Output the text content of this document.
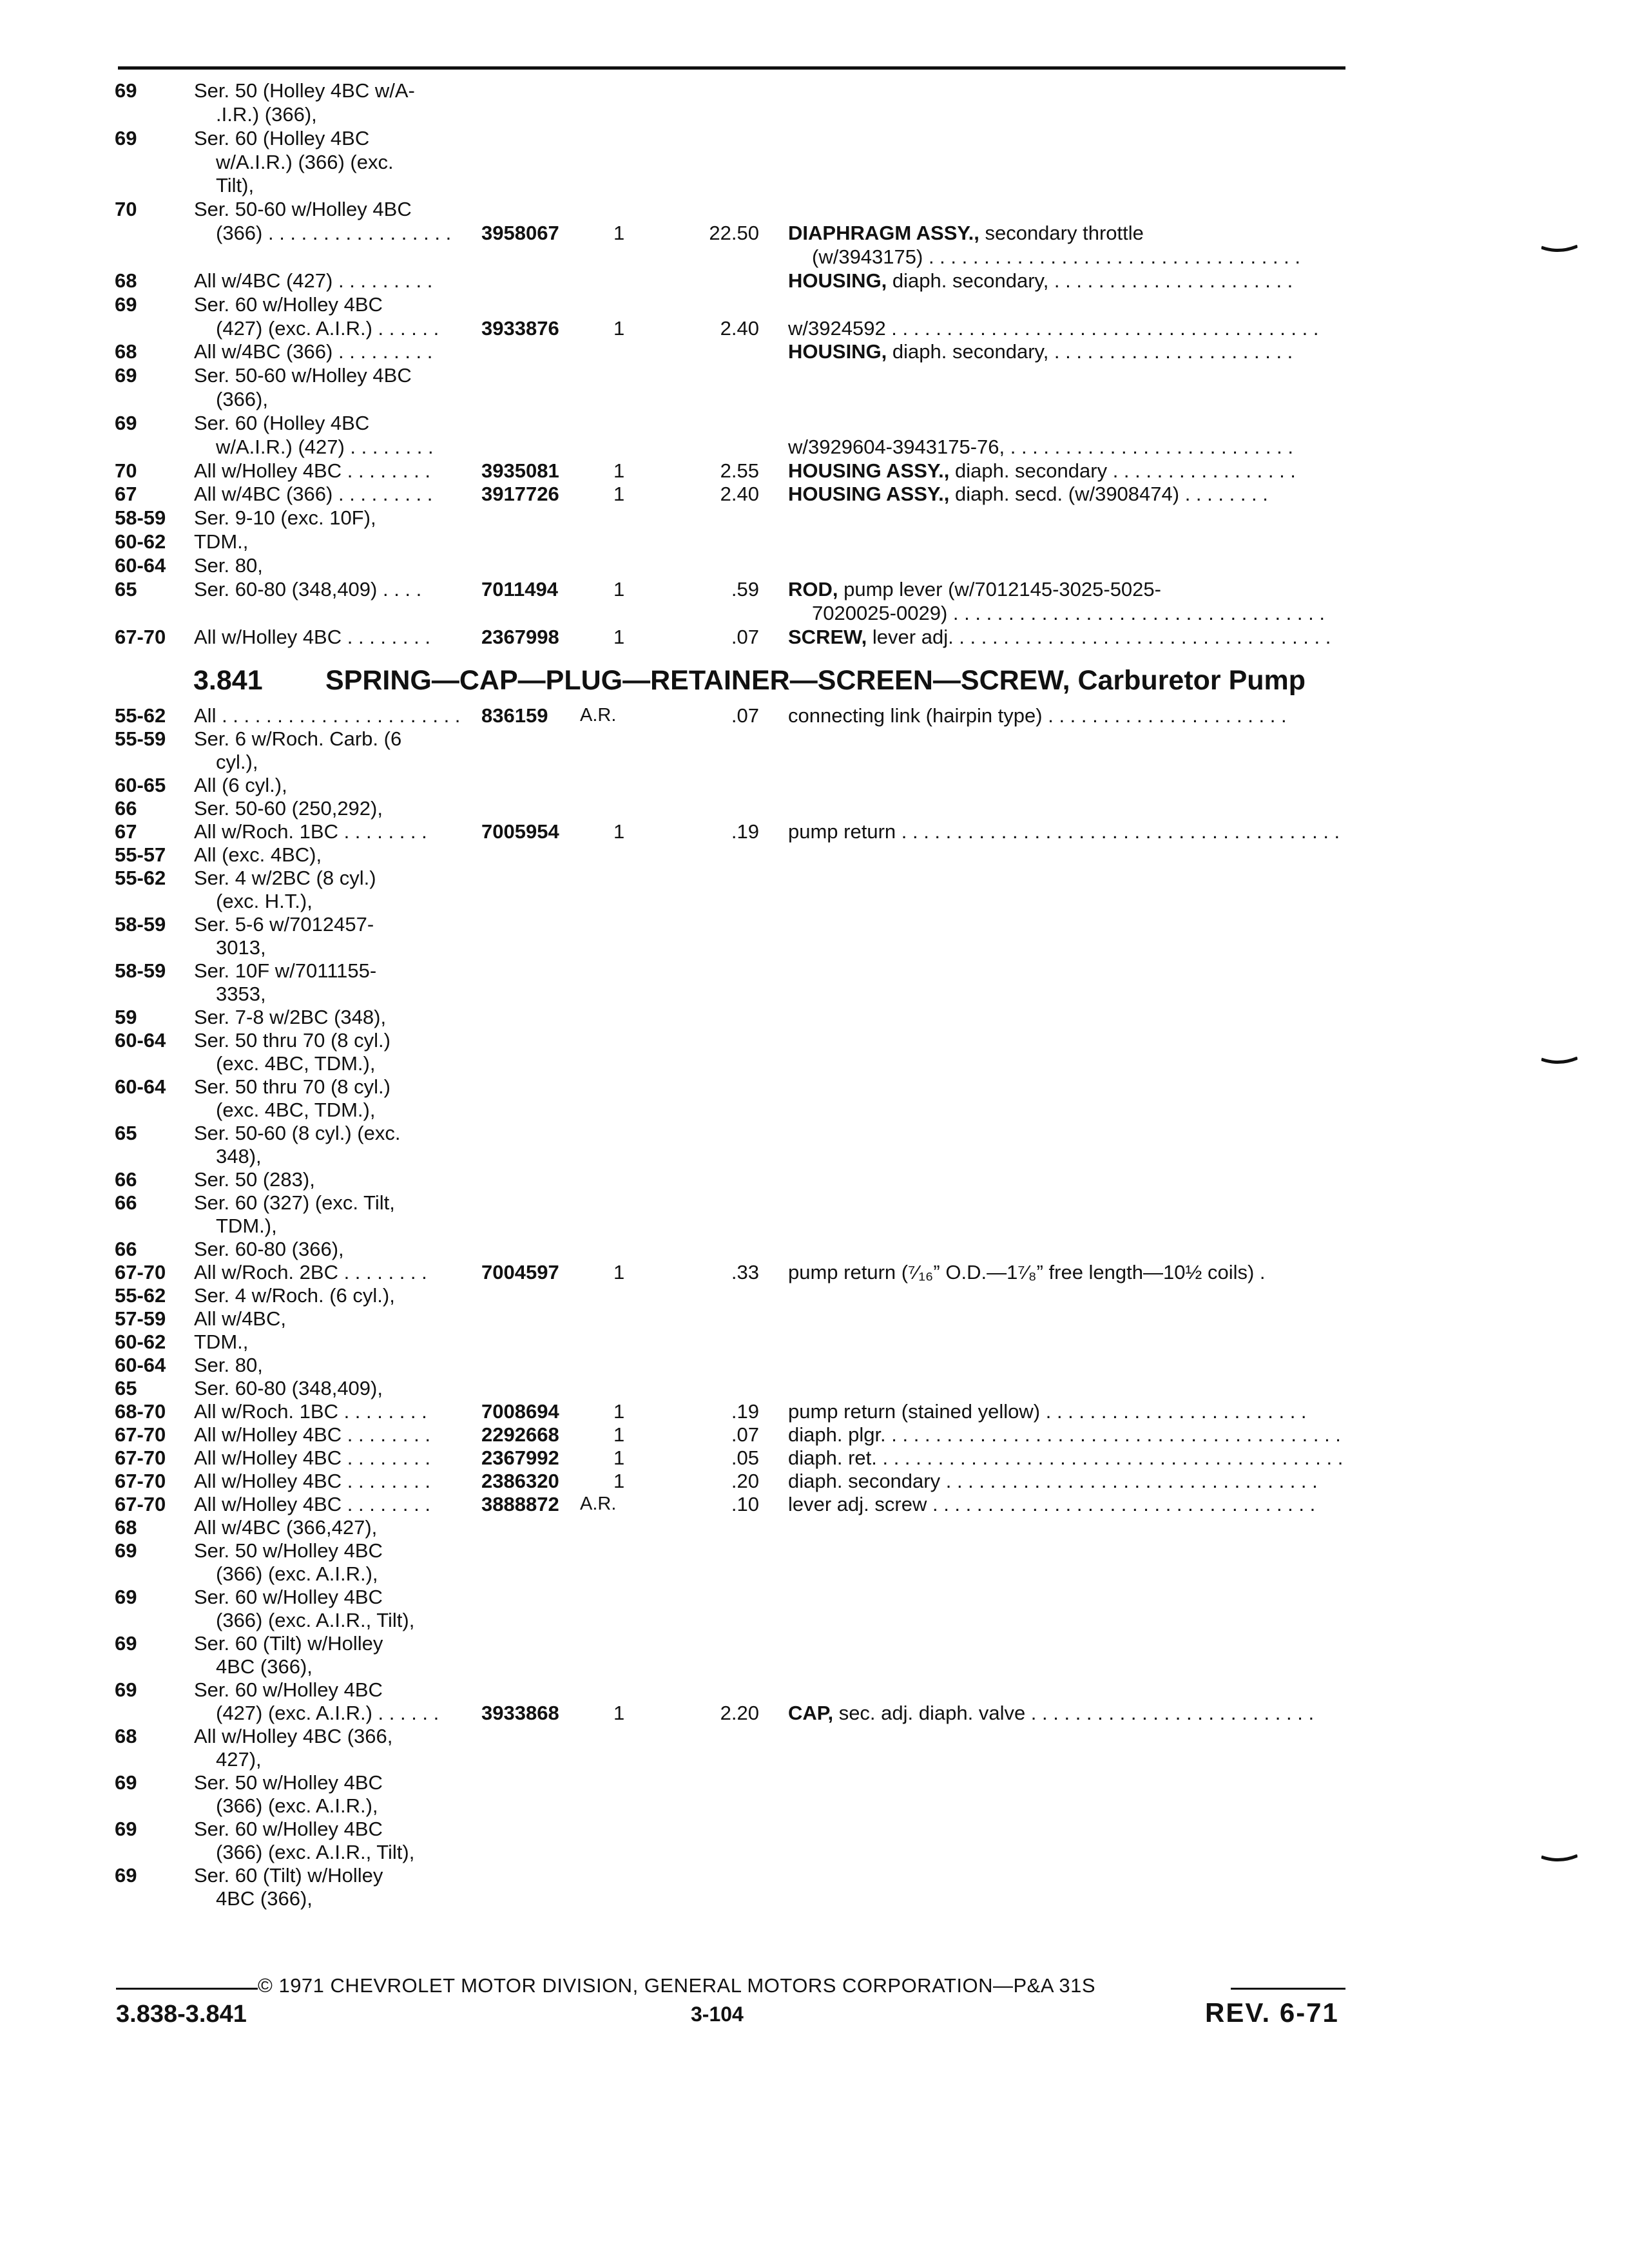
69	Ser. 50 (Holley 4BC w/A-
.I.R.) (366),
69	Ser. 60 (Holley 4BC
w/A.I.R.) (366) (exc.
Tilt),
70	Ser. 50-60 w/Holley 4BC
(366) . . . . . . . . . . . . . . . . . 3958067	1	22.50 DIAPHRAGM ASSY., secondary throttle
(w/3943175) . . . . . . . . . . . . . . . . . . . . . . . . . . . . . . . . . .
68	All w/4BC (427) . . . . . . . . .	HOUSING, diaph. secondary, . . . . . . . . . . . . . . . . . . . . . .
69	Ser. 60 w/Holley 4BC
(427) (exc. A.I.R.) . . . . . . 3933876	1	2.40 w/3924592 . . . . . . . . . . . . . . . . . . . . . . . . . . . . . . . . . . . . . . .
68	All w/4BC (366) . . . . . . . . .	HOUSING, diaph. secondary, . . . . . . . . . . . . . . . . . . . . . .
69	Ser. 50-60 w/Holley 4BC
(366),
69	Ser. 60 (Holley 4BC
w/A.I.R.) (427) . . . . . . . .	w/3929604-3943175-76, . . . . . . . . . . . . . . . . . . . . . . . . . .
70	All w/Holley 4BC . . . . . . . .	3935081	1	2.55 HOUSING ASSY., diaph. secondary . . . . . . . . . . . . . . . . .
67	All w/4BC (366) . . . . . . . . . 3917726	1	2.40 HOUSING ASSY., diaph. secd. (w/3908474) . . . . . . . .
58-59 Ser. 9-10 (exc. 10F),
60-62 TDM.,
60-64 Ser. 80,
65	Ser. 60-80 (348,409) . . . .	7011494	1	.59 ROD, pump lever (w/7012145-3025-5025-
7020025-0029) . . . . . . . . . . . . . . . . . . . . . . . . . . . . . . . . . .
67-70 All w/Holley 4BC . . . . . . . .	2367998	1	.07 SCREW, lever adj. . . . . . . . . . . . . . . . . . . . . . . . . . . . . . . . . . .
55-62 All . . . . . . . . . . . . . . . . . . . . . . 836159 A.R.	.07 connecting link (hairpin type) . . . . . . . . . . . . . . . . . . . . . .
55-59 Ser. 6 w/Roch. Carb. (6
cyl.),
60-65 All (6 cyl.),
66	Ser. 50-60 (250,292),
67	All w/Roch. 1BC . . . . . . . .	7005954	1	.19 pump return . . . . . . . . . . . . . . . . . . . . . . . . . . . . . . . . . . . . . . . .
55-57 All (exc. 4BC),
55-62 Ser. 4 w/2BC (8 cyl.)
(exc. H.T.),
58-59 Ser. 5-6 w/7012457-
3013,
58-59 Ser. 10F w/7011155-
3353,
59	Ser. 7-8 w/2BC (348),
60-64 Ser. 50 thru 70 (8 cyl.)
(exc. 4BC, TDM.),
60-64 Ser. 50 thru 70 (8 cyl.)
(exc. 4BC, TDM.),
65	Ser. 50-60 (8 cyl.) (exc.
348),
66	Ser. 50 (283),
66	Ser. 60 (327) (exc. Tilt,
TDM.),
66	Ser. 60-80 (366),
67-70 All w/Roch. 2BC . . . . . . . .	7004597	1	.33 pump return (⁷⁄₁₆” O.D.—1⁷⁄₈” free length—10½ coils) .
55-62 Ser. 4 w/Roch. (6 cyl.),
57-59 All w/4BC,
60-62 TDM.,
60-64 Ser. 80,
65	Ser. 60-80 (348,409),
68-70 All w/Roch. 1BC . . . . . . . .	7008694	1	.19 pump return (stained yellow) . . . . . . . . . . . . . . . . . . . . . . . .
67-70 All w/Holley 4BC . . . . . . . .	2292668	1	.07 diaph. plgr. . . . . . . . . . . . . . . . . . . . . . . . . . . . . . . . . . . . . . . . . .
67-70 All w/Holley 4BC . . . . . . . .	2367992	1	.05 diaph. ret. . . . . . . . . . . . . . . . . . . . . . . . . . . . . . . . . . . . . . . . . . .
67-70 All w/Holley 4BC . . . . . . . .	2386320	1	.20 diaph. secondary . . . . . . . . . . . . . . . . . . . . . . . . . . . . . . . . . .
67-70 All w/Holley 4BC . . . . . . . .	3888872 A.R.	.10 lever adj. screw . . . . . . . . . . . . . . . . . . . . . . . . . . . . . . . . . . .
68	All w/4BC (366,427),
69	Ser. 50 w/Holley 4BC
(366) (exc. A.I.R.),
69	Ser. 60 w/Holley 4BC
(366) (exc. A.I.R., Tilt),
69	Ser. 60 (Tilt) w/Holley
4BC (366),
69	Ser. 60 w/Holley 4BC
(427) (exc. A.I.R.) . . . . . . 3933868	1	2.20 CAP, sec. adj. diaph. valve . . . . . . . . . . . . . . . . . . . . . . . . . .
68	All w/Holley 4BC (366,
427),
69	Ser. 50 w/Holley 4BC
(366) (exc. A.I.R.),
69	Ser. 60 w/Holley 4BC
(366) (exc. A.I.R., Tilt),
69	Ser. 60 (Tilt) w/Holley
4BC (366),
3.841 SPRING—CAP—PLUG—RETAINER—SCREEN—SCREW, Carburetor Pump
© 1971 CHEVROLET MOTOR DIVISION, GENERAL MOTORS CORPORATION—P&A 31S
3.838-3.841	3-104	REV. 6-71
